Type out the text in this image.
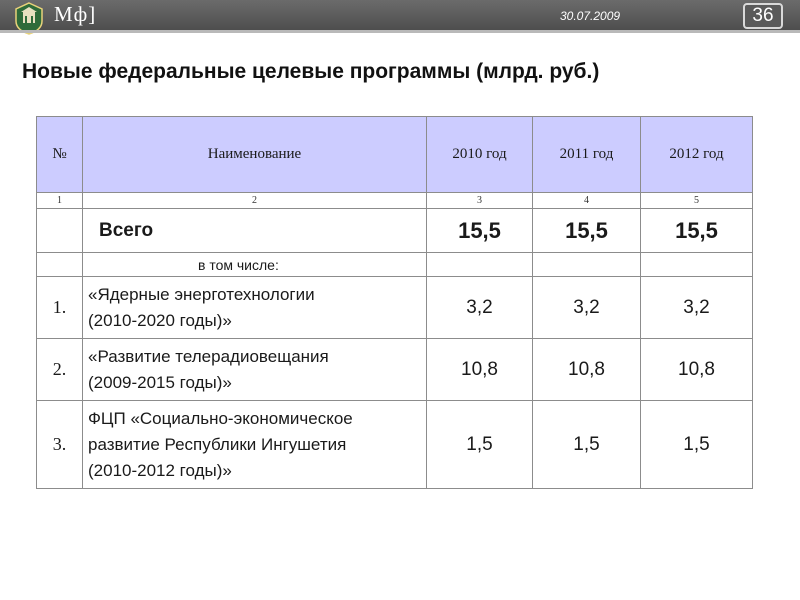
Мф]	30.07.2009	36
Новые федеральные целевые программы (млрд. руб.)
№	Наименование	2010 год	2011 год	2012 год
1	2	3	4	5
	Всего	15,5	15,5	15,5
	в том числе:			
1.	«Ядерные энерготехнологии
(2010-2020 годы)»	3,2	3,2	3,2
2.	«Развитие телерадиовещания
(2009-2015 годы)»	10,8	10,8	10,8
3.	ФЦП «Социально-экономическое
развитие Республики Ингушетия
(2010-2012 годы)»	1,5	1,5	1,5
